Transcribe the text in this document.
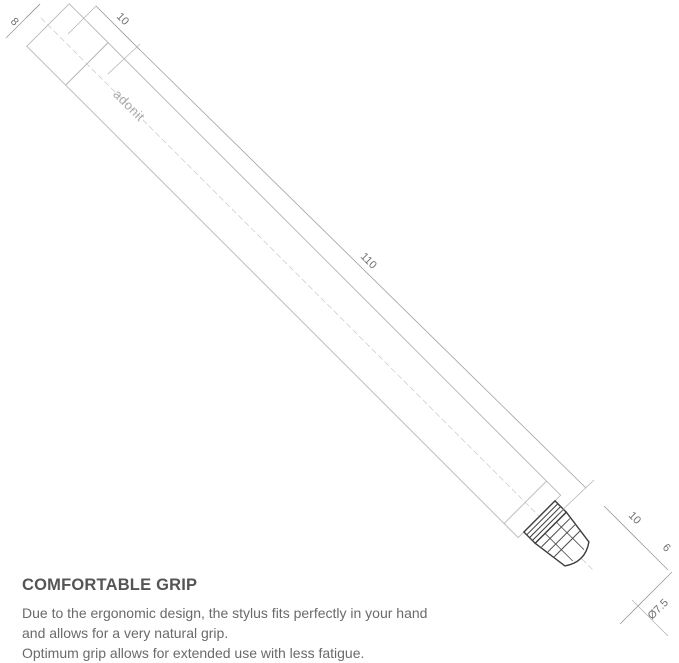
adonit
8	10
110
10
6
Ø7.5
COMFORTABLE GRIP

Due to the ergonomic design, the stylus fits perfectly in your hand

and allows for a very natural grip.

Optimum grip allows for extended use with less fatigue.
